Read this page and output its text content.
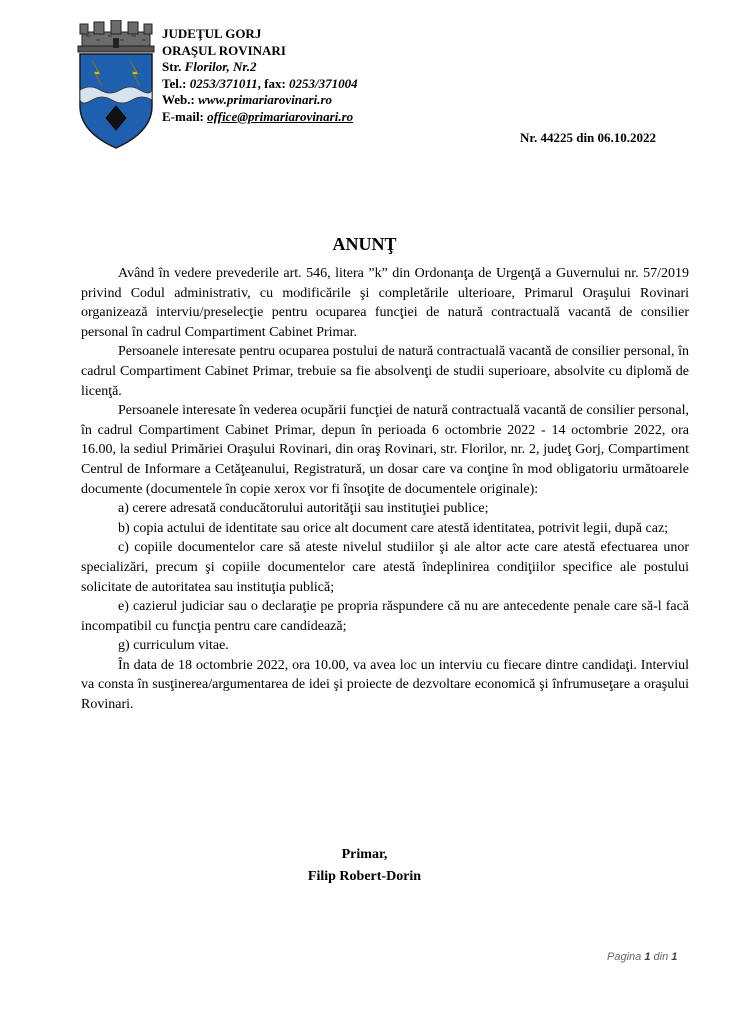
JUDEŢUL GORJ
ORAŞUL ROVINARI
Str. Florilor, Nr.2
Tel.: 0253/371011, fax: 0253/371004
Web.: www.primariarovinari.ro
E-mail: office@primariarovinari.ro
Nr. 44225 din 06.10.2022
ANUNŢ

Având în vedere prevederile art. 546, litera ”k” din Ordonanţa de Urgenţă a Guvernului nr. 57/2019 privind Codul administrativ, cu modificările şi completările ulterioare, Primarul Oraşului Rovinari organizează interviu/preselecţie pentru ocuparea funcţiei de natură contractuală vacantă de consilier personal în cadrul Compartiment Cabinet Primar.

Persoanele interesate pentru ocuparea postului de natură contractuală vacantă de consilier personal, în cadrul Compartiment Cabinet Primar, trebuie sa fie absolvenţi de studii superioare, absolvite cu diplomă de licenţă.

Persoanele interesate în vederea ocupării funcţiei de natură contractuală vacantă de consilier personal, în cadrul Compartiment Cabinet Primar, depun în perioada 6 octombrie 2022 - 14 octombrie 2022, ora 16.00, la sediul Primăriei Oraşului Rovinari, din oraş Rovinari, str. Florilor, nr. 2, judeţ Gorj, Compartiment Centrul de Informare a Cetăţeanului, Registratură, un dosar care va conţine în mod obligatoriu următoarele documente (documentele în copie xerox vor fi însoţite de documentele originale):

a) cerere adresată conducătorului autorităţii sau instituţiei publice;

b) copia actului de identitate sau orice alt document care atestă identitatea, potrivit legii, după caz;

c) copiile documentelor care să ateste nivelul studiilor şi ale altor acte care atestă efectuarea unor specializări, precum şi copiile documentelor care atestă îndeplinirea condiţiilor specifice ale postului solicitate de autoritatea sau instituţia publică;

e) cazierul judiciar sau o declaraţie pe propria răspundere că nu are antecedente penale care să-l facă incompatibil cu funcţia pentru care candidează;

g) curriculum vitae.

În data de 18 octombrie 2022, ora 10.00, va avea loc un interviu cu fiecare dintre candidaţi. Interviul va consta în susţinerea/argumentarea de idei şi proiecte de dezvoltare economică şi înfrumuseţare a oraşului Rovinari.

Primar,
Filip Robert-Dorin
Pagina 1 din 1
